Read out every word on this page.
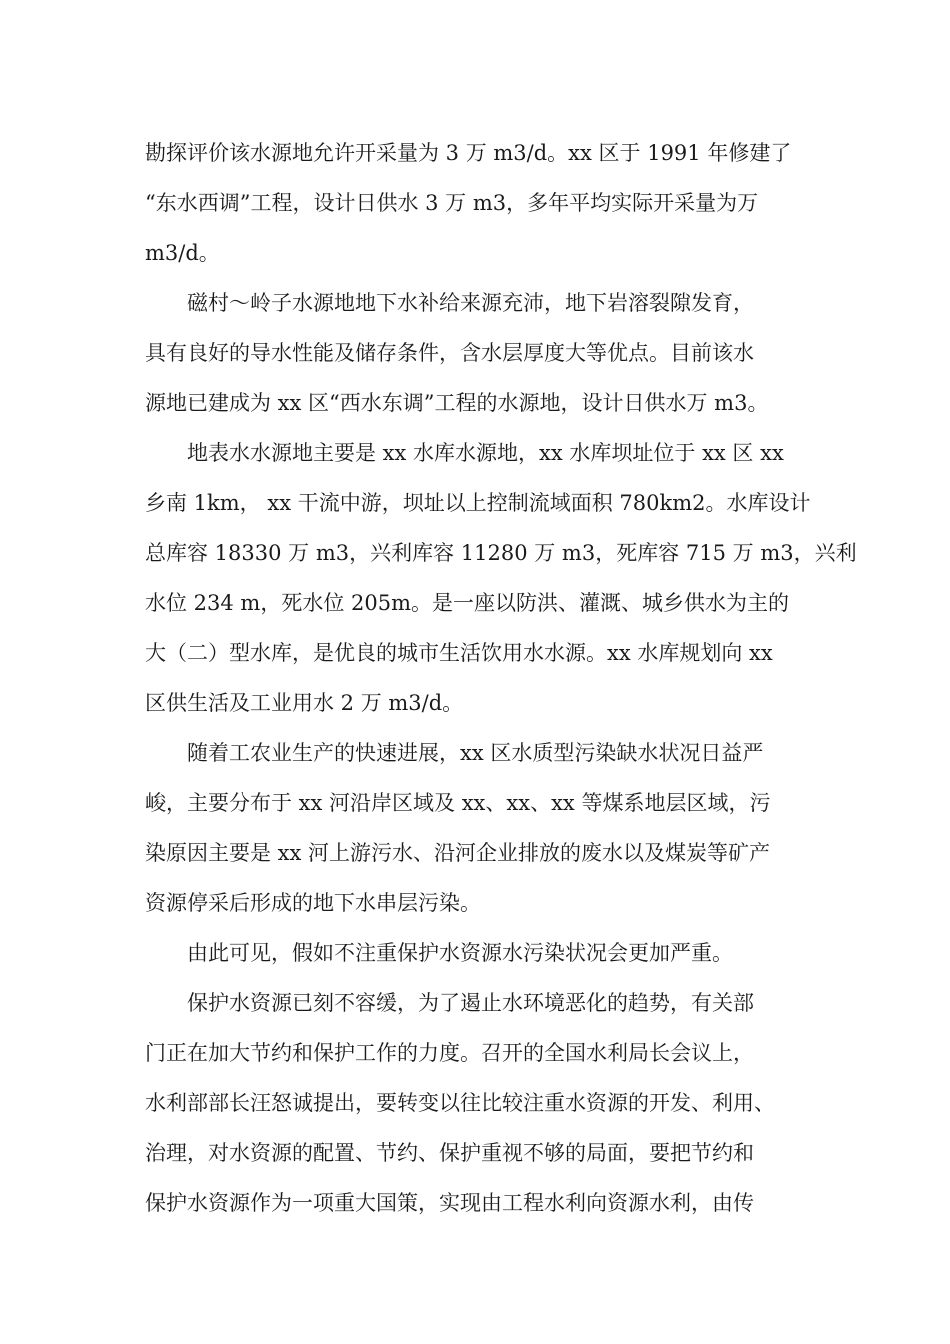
勘探评价该水源地允许开采量为 3 万 m3/d。xx 区于 1991 年修建了
“东水西调”工程，设计日供水 3 万 m3，多年平均实际开采量为万
m3/d。
　　磁村～岭子水源地地下水补给来源充沛，地下岩溶裂隙发育，
具有良好的导水性能及储存条件，含水层厚度大等优点。目前该水
源地已建成为 xx 区“西水东调”工程的水源地，设计日供水万 m3。
　　地表水水源地主要是 xx 水库水源地，xx 水库坝址位于 xx 区 xx
乡南 1km， xx 干流中游，坝址以上控制流域面积 780km2。水库设计
总库容 18330 万 m3，兴利库容 11280 万 m3，死库容 715 万 m3，兴利
水位 234 m，死水位 205m。是一座以防洪、灌溉、城乡供水为主的
大（二）型水库，是优良的城市生活饮用水水源。xx 水库规划向 xx
区供生活及工业用水 2 万 m3/d。
　　随着工农业生产的快速进展，xx 区水质型污染缺水状况日益严
峻，主要分布于 xx 河沿岸区域及 xx、xx、xx 等煤系地层区域，污
染原因主要是 xx 河上游污水、沿河企业排放的废水以及煤炭等矿产
资源停采后形成的地下水串层污染。
　　由此可见，假如不注重保护水资源水污染状况会更加严重。
　　保护水资源已刻不容缓，为了遏止水环境恶化的趋势，有关部
门正在加大节约和保护工作的力度。召开的全国水利局长会议上，
水利部部长汪怒诚提出，要转变以往比较注重水资源的开发、利用、
治理，对水资源的配置、节约、保护重视不够的局面，要把节约和
保护水资源作为一项重大国策，实现由工程水利向资源水利，由传
